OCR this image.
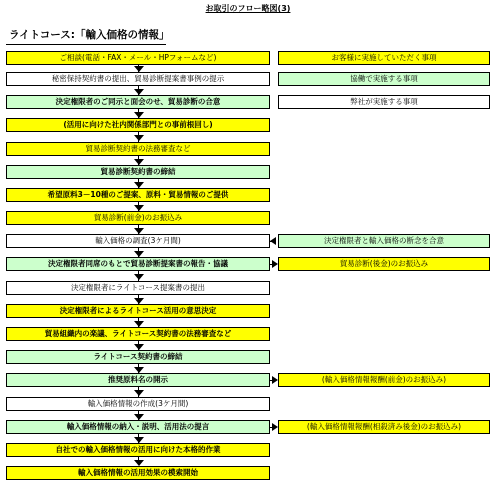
お取引のフロー略図(3)
ライトコース:「輸入価格の情報」
お客様に実施していただく事項
協働で実施する事項
弊社が実施する事項
ご相談(電話・FAX・メール・HPフォームなど)
秘密保持契約書の提出、貿易診断提案書事例の提示
決定権限者のご同示と面会のせ、貿易診断の合意
(活用に向けた社内関係部門との事前根回し)
貿易診断契約書の法務審査など
貿易診断契約書の締結
希望原料3－10種のご提案、原料・貿易情報のご提供
貿易診断(前金)のお振込み
輸入価格の調査(3ケ月間)
決定権限者同席のもとで貿易診断提案書の報告・協議
決定権限者にライトコース提案書の提出
決定権限者によるライトコース活用の意思決定
貿易組織内の楽議、ライトコース契約書の法務審査など
ライトコース契約書の締結
推奨原料名の開示
輸入価格情報の作成(3ケ月間)
輸入価格情報の納入・説明、活用法の提言
自社での輸入価格情報の活用に向けた本格的作業
輸入価格情報の活用効果の模索開始
決定権限者と輸入価格の断念を合意
貿易診断(後金)のお振込み
(輸入価格情報報酬(前金)のお振込み)
(輸入価格情報報酬(相殺済み後金)のお振込み)
